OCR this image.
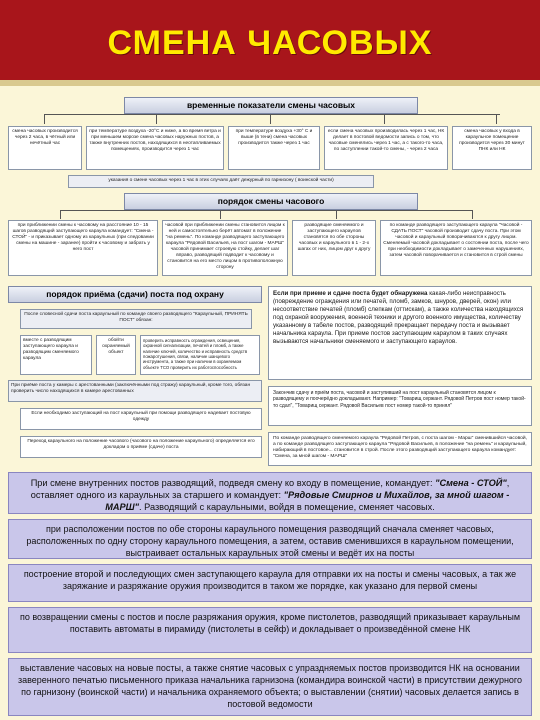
СМЕНА ЧАСОВЫХ
временные показатели смены часовых
смена часовых производится через 2 часа, в чётный или нечётный час
при температуре воздуха -20°С и ниже, а во время ветра и при меньшем морозе смена часовых наружных постов, а также внутренних постов, находящихся в неотапливаемых помещениях, производится через 1 час
при температуре воздуха +30° С и выше (в тени) смена часовых производится также через 1 час
если смена часовых производилась через 1 час, НК делает в постовой ведомости запись о том, что часовые сменялись через 1 час, а с такого-то часа, по заступлении такой-то смены, - через 2 часа
смена часовых у входа в караульное помещение производится через 30 минут ПНК или НК
указания о смене часовых через 1 час в этих случаях даёт дежурный по гарнизону ( воинской части)
порядок смены часового
при приближении смены к часовому на расстояние 10 - 15 шагов разводящий заступающего караула командует: "Смена - СТОЙ" - и приказывает одному из караульных (при следовании смены на машине - заранее) пройти к часовому и забрать у него пост
часовой при приближении смены становится лицом к ней и самостоятельно берёт автомат в положение "на ремень". По команде разводящего заступающего караула "Рядовой Васильев, на пост шагом - МАРШ" часовой принимает строевую стойку, делает шаг вправо, разводящий подводит к часовому и становится на его место лицом в противоположную сторону
разводящие сменяемого и заступающего караулов становятся по обе стороны часовых и караульного в 1 - 2-х шагах от них, лицом друг к другу
по команде разводящего заступающего караула "Часовой - СДАТЬ ПОСТ" часовой производит сдачу поста. При этом часовой и караульный поворачиваются к другу лицом. Сменяемый часовой докладывает о состоянии поста, после чего при необходимости докладывает о замеченных нарушениях, затем часовой поворачивается и становится в строй смены
порядок приёма (сдачи) поста под охрану
После словесной сдачи поста караульный по команде своего разводящего "Караульный, ПРИНЯТЬ ПОСТ" обязан:
вместе с разводящим заступающего караула и разводящим сменяемого караула
обойти охраняемый объект
проверить исправность ограждения, освещения, охранной сигнализации, печатей и пломб, а также наличие ключей, количество и исправность средств пожаротушения, связи, наличие шанцевого инструмента, а также при наличии в охраняемом объекте ТСО проверить их работоспособность
При приёме поста у камеры с арестованными (заключёнными под стражу) караульный, кроме того, обязан проверить число находящихся в камере арестованных
Если необходимо заступающий на пост караульный при помощи разводящего надевает постовую одежду
Переход караульного на положение часового (часового на положение караульного) определяется его докладом о приёме (сдаче) поста
Если при приеме и сдаче поста будет обнаружена какая-либо неисправность (повреждение ограждения или печатей, пломб, замков, шнуров, дверей, окон) или несоответствие печатей (пломб) слепкам (оттискам), а также количества находящихся под охраной вооружения, военной техники и другого военного имущества, количеству указанному в табеле постов, разводящий прекращает передачу поста и вызывает начальника караула. При приеме постов заступающим караулом в таких случаях вызываются начальники сменяемого и заступающего караулов.
Закончив сдачу и приём поста, часовой и заступивший на пост караульный становятся лицом к разводящему и поочерёдно докладывают. Например: "Товарищ сержант. Рядовой Петров пост номер такой-то сдал", "Товарищ сержант. Рядовой Васильев пост номер такой-то принял"
По команде разводящего сменяемого караула "Рядовой Петров, с поста шагом - Марш" сменившийся часовой, а по команде разводящего заступающего караула "Рядовой Васильев, в положение "на ремень" и караульный, набирающий в постовое... становится в строй. После этого разводящий заступающего караула командует: "Смена, за мной шагом - МАРШ"
При смене внутренних постов разводящий, подведя смену ко входу в помещение, командует: "Смена - СТОЙ", оставляет одного из караульных за старшего и командует: "Рядовые Смирнов и Михайлов, за мной шагом - МАРШ". Разводящий с караульными, войдя в помещение, сменяет часовых.
при расположении постов по обе стороны караульного помещения разводящий сначала сменяет часовых, расположенных по одну сторону караульного помещения, а затем, оставив сменившихся в караульном помещении, выстраивает остальных караульных этой смены и ведёт их на посты
построение второй и последующих смен заступающего караула для отправки их на посты и смены часовых, а так же заряжание и разряжание оружия производится в таком же порядке, как указано для первой смены
по возвращении смены с постов и после разряжания оружия, кроме пистолетов, разводящий приказывает караульным поставить автоматы в пирамиду (пистолеты в сейф) и докладывает о произведённой смене НК
выставление часовых на новые посты, а также снятие часовых с упраздняемых постов производится НК на основании заверенного печатью письменного приказа начальника гарнизона (командира воинской части) в присутствии дежурного по гарнизону (воинской части) и начальника охраняемого объекта; о выставлении (снятии) часовых делается запись в постовой ведомости
